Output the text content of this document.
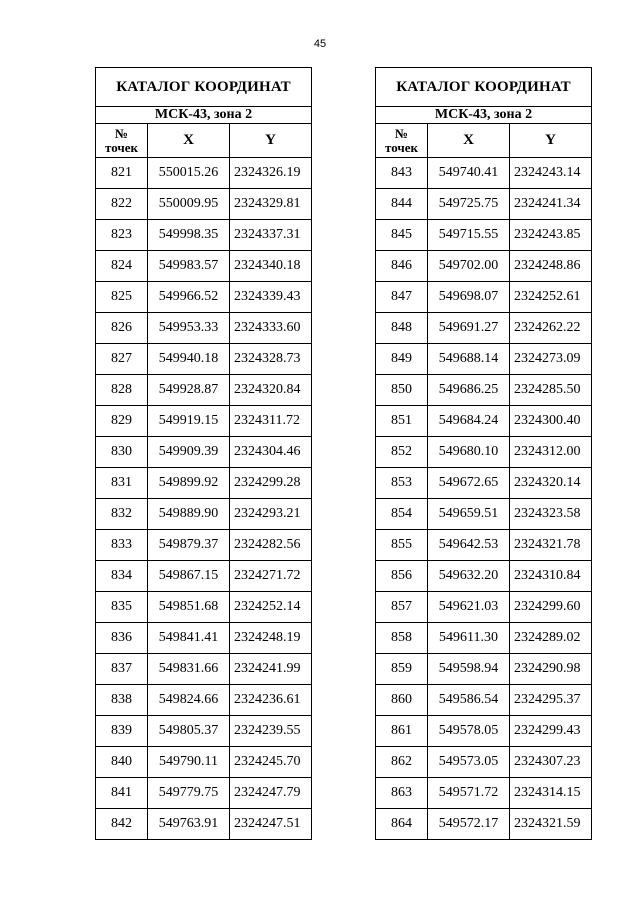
45
КАТАЛОГ КООРДИНАТ		
МСК-43, зона 2		
№
точек	X	Y
821	550015.26	2324326.19
822	550009.95	2324329.81
823	549998.35	2324337.31
824	549983.57	2324340.18
825	549966.52	2324339.43
826	549953.33	2324333.60
827	549940.18	2324328.73
828	549928.87	2324320.84
829	549919.15	2324311.72
830	549909.39	2324304.46
831	549899.92	2324299.28
832	549889.90	2324293.21
833	549879.37	2324282.56
834	549867.15	2324271.72
835	549851.68	2324252.14
836	549841.41	2324248.19
837	549831.66	2324241.99
838	549824.66	2324236.61
839	549805.37	2324239.55
840	549790.11	2324245.70
841	549779.75	2324247.79
842	549763.91	2324247.51
КАТАЛОГ КООРДИНАТ		
МСК-43, зона 2		
№
точек	X	Y
843	549740.41	2324243.14
844	549725.75	2324241.34
845	549715.55	2324243.85
846	549702.00	2324248.86
847	549698.07	2324252.61
848	549691.27	2324262.22
849	549688.14	2324273.09
850	549686.25	2324285.50
851	549684.24	2324300.40
852	549680.10	2324312.00
853	549672.65	2324320.14
854	549659.51	2324323.58
855	549642.53	2324321.78
856	549632.20	2324310.84
857	549621.03	2324299.60
858	549611.30	2324289.02
859	549598.94	2324290.98
860	549586.54	2324295.37
861	549578.05	2324299.43
862	549573.05	2324307.23
863	549571.72	2324314.15
864	549572.17	2324321.59
